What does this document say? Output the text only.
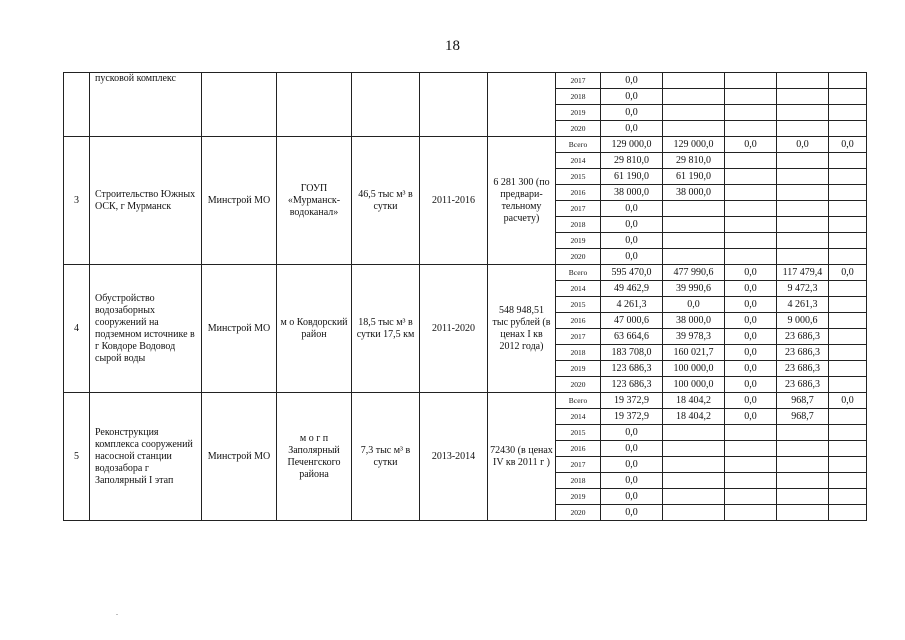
18
	пусковой комплекс						2017	0,0				
							2018	0,0				
							2019	0,0				
							2020	0,0				
3	Строительство Южных ОСК, г Мурманск	Минстрой МО	ГОУП «Мурманск-водоканал»	46,5 тыс м³ в сутки	2011-2016	6 281 300 (по предвари-тельному расчету)	Всего	129 000,0	129 000,0	0,0	0,0	0,0
							2014	29 810,0	29 810,0			
							2015	61 190,0	61 190,0			
							2016	38 000,0	38 000,0			
							2017	0,0				
							2018	0,0				
							2019	0,0				
							2020	0,0				
4	Обустройство водозаборных сооружений на подземном источнике в г Ковдоре Водовод сырой воды	Минстрой МО	м о Ковдорский район	18,5 тыс м³ в сутки 17,5 км	2011-2020	548 948,51 тыс рублей (в ценах I кв 2012 года)	Всего	595 470,0	477 990,6	0,0	117 479,4	0,0
							2014	49 462,9	39 990,6	0,0	9 472,3	
							2015	4 261,3	0,0	0,0	4 261,3	
							2016	47 000,6	38 000,0	0,0	9 000,6	
							2017	63 664,6	39 978,3	0,0	23 686,3	
							2018	183 708,0	160 021,7	0,0	23 686,3	
							2019	123 686,3	100 000,0	0,0	23 686,3	
							2020	123 686,3	100 000,0	0,0	23 686,3	
5	Реконструкция комплекса сооружений насосной станции водозабора г Заполярный I этап	Минстрой МО	м о г п Заполярный Печенгского района	7,3 тыс м³ в сутки	2013-2014	72430 (в ценах IV кв 2011 г )	Всего	19 372,9	18 404,2	0,0	968,7	0,0
							2014	19 372,9	18 404,2	0,0	968,7	
							2015	0,0				
							2016	0,0				
							2017	0,0				
							2018	0,0				
							2019	0,0				
							2020	0,0				
.
